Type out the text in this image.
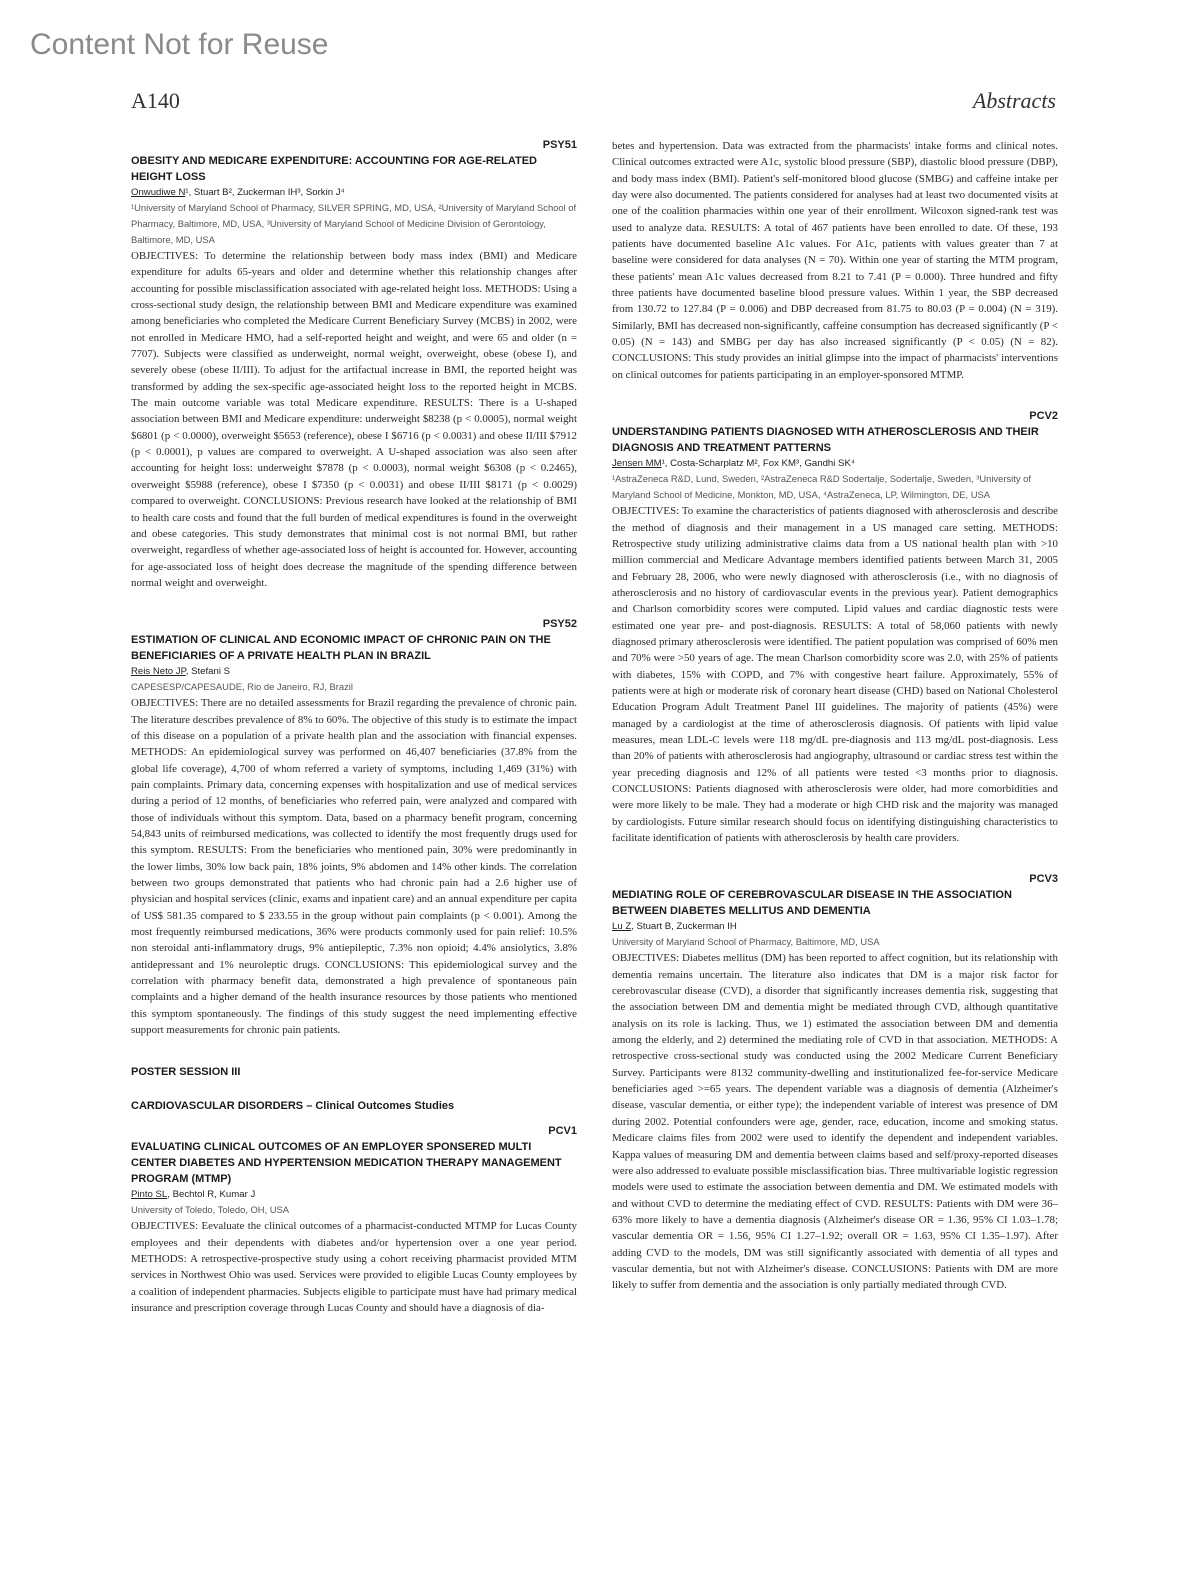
Content Not for Reuse
A140	Abstracts
PSY51
OBESITY AND MEDICARE EXPENDITURE: ACCOUNTING FOR AGE-RELATED HEIGHT LOSS
Onwudiwe N¹, Stuart B², Zuckerman IH³, Sorkin J⁴
¹University of Maryland School of Pharmacy, SILVER SPRING, MD, USA, ²University of Maryland School of Pharmacy, Baltimore, MD, USA, ³University of Maryland School of Medicine Division of Gerontology, Baltimore, MD, USA
OBJECTIVES: To determine the relationship between body mass index (BMI) and Medicare expenditure for adults 65-years and older and determine whether this relationship changes after accounting for possible misclassification associated with age-related height loss. METHODS: Using a cross-sectional study design, the relationship between BMI and Medicare expenditure was examined among beneficiaries who completed the Medicare Current Beneficiary Survey (MCBS) in 2002, were not enrolled in Medicare HMO, had a self-reported height and weight, and were 65 and older (n = 7707). Subjects were classified as underweight, normal weight, overweight, obese (obese I), and severely obese (obese II/III). To adjust for the artifactual increase in BMI, the reported height was transformed by adding the sex-specific age-associated height loss to the reported height in MCBS. The main outcome variable was total Medicare expenditure. RESULTS: There is a U-shaped association between BMI and Medicare expenditure: underweight $8238 (p < 0.0005), normal weight $6801 (p < 0.0000), overweight $5653 (reference), obese I $6716 (p < 0.0031) and obese II/III $7912 (p < 0.0001), p values are compared to overweight. A U-shaped association was also seen after accounting for height loss: underweight $7878 (p < 0.0003), normal weight $6308 (p < 0.2465), overweight $5988 (reference), obese I $7350 (p < 0.0031) and obese II/III $8171 (p < 0.0029) compared to overweight. CONCLUSIONS: Previous research have looked at the relationship of BMI to health care costs and found that the full burden of medical expenditures is found in the overweight and obese categories. This study demonstrates that minimal cost is not normal BMI, but rather overweight, regardless of whether age-associated loss of height is accounted for. However, accounting for age-associated loss of height does decrease the magnitude of the spending difference between normal weight and overweight.
PSY52
ESTIMATION OF CLINICAL AND ECONOMIC IMPACT OF CHRONIC PAIN ON THE BENEFICIARIES OF A PRIVATE HEALTH PLAN IN BRAZIL
Reis Neto JP, Stefani S
CAPESESP/CAPESAUDE, Rio de Janeiro, RJ, Brazil
OBJECTIVES: There are no detailed assessments for Brazil regarding the prevalence of chronic pain. The literature describes prevalence of 8% to 60%. The objective of this study is to estimate the impact of this disease on a population of a private health plan and the association with financial expenses. METHODS: An epidemiological survey was performed on 46,407 beneficiaries (37.8% from the global life coverage), 4,700 of whom referred a variety of symptoms, including 1,469 (31%) with pain complaints. Primary data, concerning expenses with hospitalization and use of medical services during a period of 12 months, of beneficiaries who referred pain, were analyzed and compared with those of individuals without this symptom. Data, based on a pharmacy benefit program, concerning 54,843 units of reimbursed medications, was collected to identify the most frequently drugs used for this symptom. RESULTS: From the beneficiaries who mentioned pain, 30% were predominantly in the lower limbs, 30% low back pain, 18% joints, 9% abdomen and 14% other kinds. The correlation between two groups demonstrated that patients who had chronic pain had a 2.6 higher use of physician and hospital services (clinic, exams and inpatient care) and an annual expenditure per capita of US$ 581.35 compared to $ 233.55 in the group without pain complaints (p < 0.001). Among the most frequently reimbursed medications, 36% were products commonly used for pain relief: 10.5% non steroidal anti-inflammatory drugs, 9% antiepileptic, 7.3% non opioid; 4.4% ansiolytics, 3.8% antidepressant and 1% neuroleptic drugs. CONCLUSIONS: This epidemiological survey and the correlation with pharmacy benefit data, demonstrated a high prevalence of spontaneous pain complaints and a higher demand of the health insurance resources by those patients who mentioned this symptom spontaneously. The findings of this study suggest the need implementing effective support measurements for chronic pain patients.
POSTER SESSION III
CARDIOVASCULAR DISORDERS – Clinical Outcomes Studies
PCV1
EVALUATING CLINICAL OUTCOMES OF AN EMPLOYER SPONSERED MULTI CENTER DIABETES AND HYPERTENSION MEDICATION THERAPY MANAGEMENT PROGRAM (MTMP)
Pinto SL, Bechtol R, Kumar J
University of Toledo, Toledo, OH, USA
OBJECTIVES: Eevaluate the clinical outcomes of a pharmacist-conducted MTMP for Lucas County employees and their dependents with diabetes and/or hypertension over a one year period. METHODS: A retrospective-prospective study using a cohort receiving pharmacist provided MTM services in Northwest Ohio was used. Services were provided to eligible Lucas County employees by a coalition of independent pharmacies. Subjects eligible to participate must have had primary medical insurance and prescription coverage through Lucas County and should have a diagnosis of dia-
betes and hypertension. Data was extracted from the pharmacists' intake forms and clinical notes. Clinical outcomes extracted were A1c, systolic blood pressure (SBP), diastolic blood pressure (DBP), and body mass index (BMI). Patient's self-monitored blood glucose (SMBG) and caffeine intake per day were also documented. The patients considered for analyses had at least two documented visits at one of the coalition pharmacies within one year of their enrollment. Wilcoxon signed-rank test was used to analyze data. RESULTS: A total of 467 patients have been enrolled to date. Of these, 193 patients have documented baseline A1c values. For A1c, patients with values greater than 7 at baseline were considered for data analyses (N = 70). Within one year of starting the MTM program, these patients' mean A1c values decreased from 8.21 to 7.41 (P = 0.000). Three hundred and fifty three patients have documented baseline blood pressure values. Within 1 year, the SBP decreased from 130.72 to 127.84 (P = 0.006) and DBP decreased from 81.75 to 80.03 (P = 0.004) (N = 319). Similarly, BMI has decreased non-significantly, caffeine consumption has decreased significantly (P < 0.05) (N = 143) and SMBG per day has also increased significantly (P < 0.05) (N = 82). CONCLUSIONS: This study provides an initial glimpse into the impact of pharmacists' interventions on clinical outcomes for patients participating in an employer-sponsored MTMP.
PCV2
UNDERSTANDING PATIENTS DIAGNOSED WITH ATHEROSCLEROSIS AND THEIR DIAGNOSIS AND TREATMENT PATTERNS
Jensen MM¹, Costa-Scharplatz M², Fox KM³, Gandhi SK⁴
¹AstraZeneca R&D, Lund, Sweden, ²AstraZeneca R&D Sodertalje, Sodertalje, Sweden, ³University of Maryland School of Medicine, Monkton, MD, USA, ⁴AstraZeneca, LP, Wilmington, DE, USA
OBJECTIVES: To examine the characteristics of patients diagnosed with atherosclerosis and describe the method of diagnosis and their management in a US managed care setting. METHODS: Retrospective study utilizing administrative claims data from a US national health plan with >10 million commercial and Medicare Advantage members identified patients between March 31, 2005 and February 28, 2006, who were newly diagnosed with atherosclerosis (i.e., with no diagnosis of atherosclerosis and no history of cardiovascular events in the previous year). Patient demographics and Charlson comorbidity scores were computed. Lipid values and cardiac diagnostic tests were estimated one year pre- and post-diagnosis. RESULTS: A total of 58,060 patients with newly diagnosed primary atherosclerosis were identified. The patient population was comprised of 60% men and 70% were >50 years of age. The mean Charlson comorbidity score was 2.0, with 25% of patients with diabetes, 15% with COPD, and 7% with congestive heart failure. Approximately, 55% of patients were at high or moderate risk of coronary heart disease (CHD) based on National Cholesterol Education Program Adult Treatment Panel III guidelines. The majority of patients (45%) were managed by a cardiologist at the time of atherosclerosis diagnosis. Of patients with lipid value measures, mean LDL-C levels were 118 mg/dL pre-diagnosis and 113 mg/dL post-diagnosis. Less than 20% of patients with atherosclerosis had angiography, ultrasound or cardiac stress test within the year preceding diagnosis and 12% of all patients were tested <3 months prior to diagnosis. CONCLUSIONS: Patients diagnosed with atherosclerosis were older, had more comorbidities and were more likely to be male. They had a moderate or high CHD risk and the majority was managed by cardiologists. Future similar research should focus on identifying distinguishing characteristics to facilitate identification of patients with atherosclerosis by health care providers.
PCV3
MEDIATING ROLE OF CEREBROVASCULAR DISEASE IN THE ASSOCIATION BETWEEN DIABETES MELLITUS AND DEMENTIA
Lu Z, Stuart B, Zuckerman IH
University of Maryland School of Pharmacy, Baltimore, MD, USA
OBJECTIVES: Diabetes mellitus (DM) has been reported to affect cognition, but its relationship with dementia remains uncertain. The literature also indicates that DM is a major risk factor for cerebrovascular disease (CVD), a disorder that significantly increases dementia risk, suggesting that the association between DM and dementia might be mediated through CVD, although quantitative analysis on its role is lacking. Thus, we 1) estimated the association between DM and dementia among the elderly, and 2) determined the mediating role of CVD in that association. METHODS: A retrospective cross-sectional study was conducted using the 2002 Medicare Current Beneficiary Survey. Participants were 8132 community-dwelling and institutionalized fee-for-service Medicare beneficiaries aged >=65 years. The dependent variable was a diagnosis of dementia (Alzheimer's disease, vascular dementia, or either type); the independent variable of interest was presence of DM during 2002. Potential confounders were age, gender, race, education, income and smoking status. Medicare claims files from 2002 were used to identify the dependent and independent variables. Kappa values of measuring DM and dementia between claims based and self/proxy-reported diseases were also addressed to evaluate possible misclassification bias. Three multivariable logistic regression models were used to estimate the association between dementia and DM. We estimated models with and without CVD to determine the mediating effect of CVD. RESULTS: Patients with DM were 36–63% more likely to have a dementia diagnosis (Alzheimer's disease OR = 1.36, 95% CI 1.03–1.78; vascular dementia OR = 1.56, 95% CI 1.27–1.92; overall OR = 1.63, 95% CI 1.35–1.97). After adding CVD to the models, DM was still significantly associated with dementia of all types and vascular dementia, but not with Alzheimer's disease. CONCLUSIONS: Patients with DM are more likely to suffer from dementia and the association is only partially mediated through CVD.
